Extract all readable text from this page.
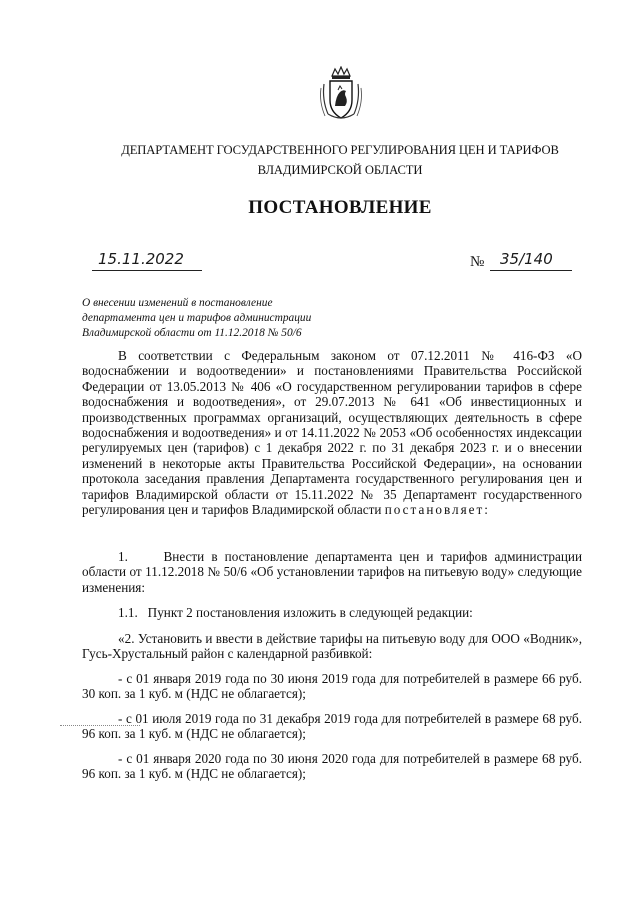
ДЕПАРТАМЕНТ ГОСУДАРСТВЕННОГО РЕГУЛИРОВАНИЯ ЦЕН И ТАРИФОВ
ВЛАДИМИРСКОЙ ОБЛАСТИ
ПОСТАНОВЛЕНИЕ
15.11.2022	№ 35/140
О внесении изменений в постановление
департамента цен и тарифов администрации
Владимирской области от 11.12.2018 № 50/6

В соответствии с Федеральным законом от 07.12.2011 № 416-ФЗ «О водоснабжении и водоотведении» и постановлениями Правительства Российской Федерации от 13.05.2013 № 406 «О государственном регулировании тарифов в сфере водоснабжения и водоотведения», от 29.07.2013 № 641 «Об инвестиционных и производственных программах организаций, осуществляющих деятельность в сфере водоснабжения и водоотведения» и от 14.11.2022 № 2053 «Об особенностях индексации регулируемых цен (тарифов) с 1 декабря 2022 г. по 31 декабря 2023 г. и о внесении изменений в некоторые акты Правительства Российской Федерации», на основании протокола заседания правления Департамента государственного регулирования цен и тарифов Владимирской области от 15.11.2022 № 35 Департамент государственного регулирования цен и тарифов Владимирской области постановляет:

1.     Внести в постановление департамента цен и тарифов администрации области от 11.12.2018 № 50/6 «Об установлении тарифов на питьевую воду» следующие изменения:

1.1.   Пункт 2 постановления изложить в следующей редакции:

«2. Установить и ввести в действие тарифы на питьевую воду для ООО «Водник», Гусь-Хрустальный район с календарной разбивкой:

- с 01 января 2019 года по 30 июня 2019 года для потребителей в размере 66 руб. 30 коп. за 1 куб. м (НДС не облагается);

- с 01 июля 2019 года по 31 декабря 2019 года для потребителей в размере 68 руб. 96 коп. за 1 куб. м (НДС не облагается);

- с 01 января 2020 года по 30 июня 2020 года для потребителей в размере 68 руб. 96 коп. за 1 куб. м (НДС не облагается);
